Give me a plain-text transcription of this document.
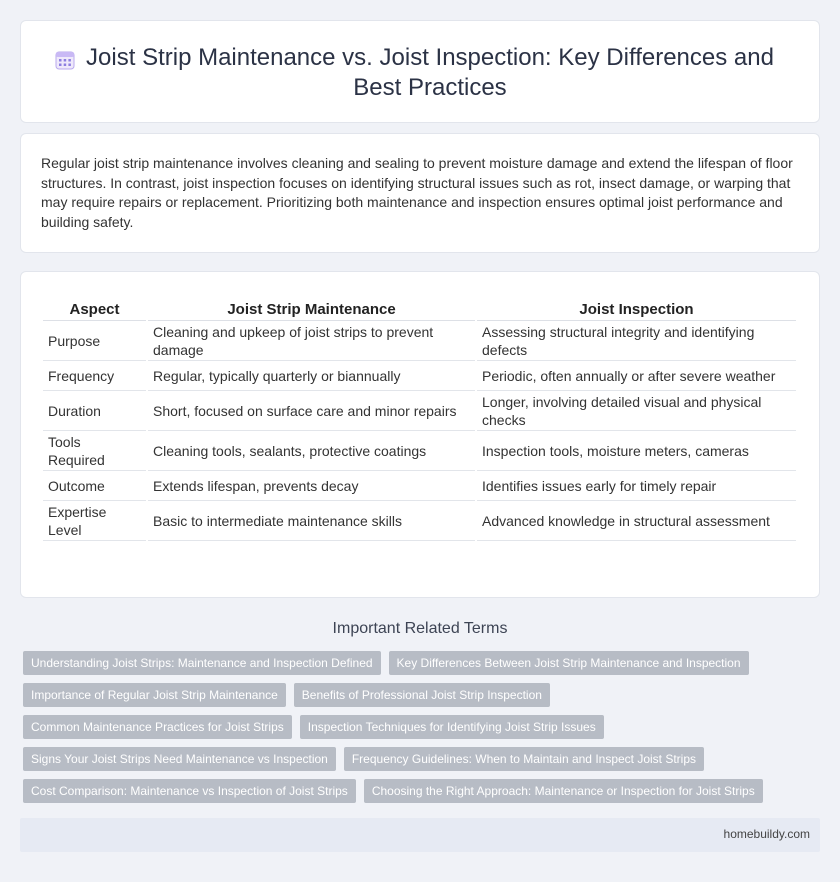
Joist Strip Maintenance vs. Joist Inspection: Key Differences and Best Practices

Regular joist strip maintenance involves cleaning and sealing to prevent moisture damage and extend the lifespan of floor structures. In contrast, joist inspection focuses on identifying structural issues such as rot, insect damage, or warping that may require repairs or replacement. Prioritizing both maintenance and inspection ensures optimal joist performance and building safety.

Aspect	Joist Strip Maintenance	Joist Inspection
Purpose	Cleaning and upkeep of joist strips to prevent damage	Assessing structural integrity and identifying defects
Frequency	Regular, typically quarterly or biannually	Periodic, often annually or after severe weather
Duration	Short, focused on surface care and minor repairs	Longer, involving detailed visual and physical checks
Tools Required	Cleaning tools, sealants, protective coatings	Inspection tools, moisture meters, cameras
Outcome	Extends lifespan, prevents decay	Identifies issues early for timely repair
Expertise Level	Basic to intermediate maintenance skills	Advanced knowledge in structural assessment
Important Related Terms
Understanding Joist Strips: Maintenance and Inspection Defined	Key Differences Between Joist Strip Maintenance and Inspection
Importance of Regular Joist Strip Maintenance	Benefits of Professional Joist Strip Inspection
Common Maintenance Practices for Joist Strips	Inspection Techniques for Identifying Joist Strip Issues
Signs Your Joist Strips Need Maintenance vs Inspection	Frequency Guidelines: When to Maintain and Inspect Joist Strips
Cost Comparison: Maintenance vs Inspection of Joist Strips	Choosing the Right Approach: Maintenance or Inspection for Joist Strips
homebuildy.com
